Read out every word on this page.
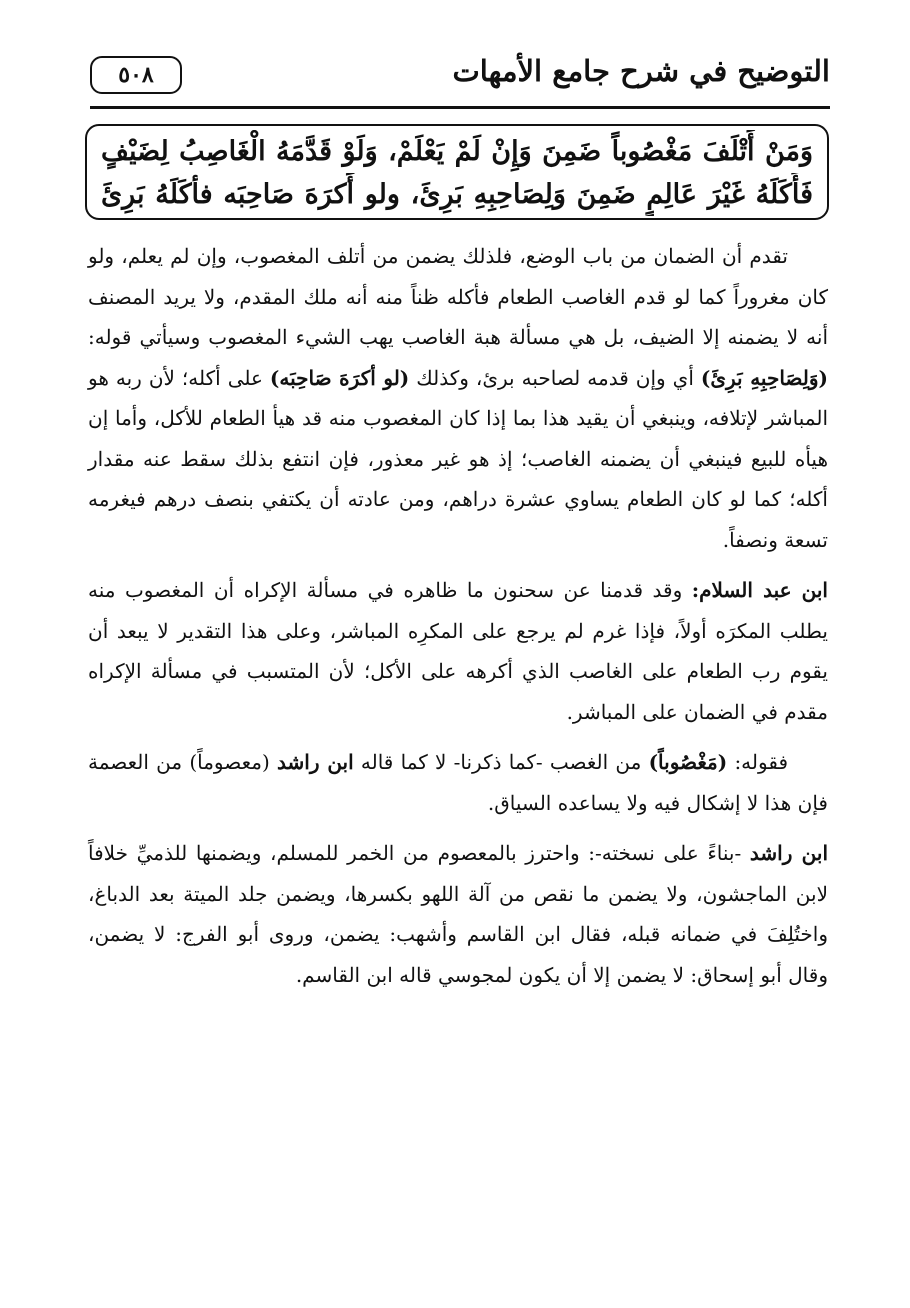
٥٠٨	التوضيح في شرح جامع الأمهات
وَمَنْ أَتْلَفَ مَغْصُوباً ضَمِنَ وَإِنْ لَمْ يَعْلَمْ، وَلَوْ قَدَّمَهُ الْغَاصِبُ لِضَيْفٍ
فَأَكَلَهُ غَيْرَ عَالِمٍ ضَمِنَ وَلِصَاحِبِهِ بَرِئَ، ولو أَكرَهَ صَاحِبَه فأكَلَهُ بَرِئَ

تقدم أن الضمان من باب الوضع، فلذلك يضمن من أتلف المغصوب، وإن لم يعلم، ولو كان مغروراً كما لو قدم الغاصب الطعام فأكله ظناً منه أنه ملك المقدم، ولا يريد المصنف أنه لا يضمنه إلا الضيف، بل هي مسألة هبة الغاصب يهب الشيء المغصوب وسيأتي قوله: (وَلِصَاحِبِهِ بَرِئَ) أي وإن قدمه لصاحبه برئ، وكذلك (لو أكرَهَ صَاحِبَه) على أكله؛ لأن ربه هو المباشر لإتلافه، وينبغي أن يقيد هذا بما إذا كان المغصوب منه قد هيأ الطعام للأكل، وأما إن هيأه للبيع فينبغي أن يضمنه الغاصب؛ إذ هو غير معذور، فإن انتفع بذلك سقط عنه مقدار أكله؛ كما لو كان الطعام يساوي عشرة دراهم، ومن عادته أن يكتفي بنصف درهم فيغرمه تسعة ونصفاً.

ابن عبد السلام: وقد قدمنا عن سحنون ما ظاهره في مسألة الإكراه أن المغصوب منه يطلب المكرَه أولاً، فإذا غرم لم يرجع على المكرِه المباشر، وعلى هذا التقدير لا يبعد أن يقوم رب الطعام على الغاصب الذي أكرهه على الأكل؛ لأن المتسبب في مسألة الإكراه مقدم في الضمان على المباشر.

فقوله: (مَغْصُوباً) من الغصب -كما ذكرنا- لا كما قاله ابن راشد (معصوماً) من العصمة فإن هذا لا إشكال فيه ولا يساعده السياق.

ابن راشد -بناءً على نسخته-: واحترز بالمعصوم من الخمر للمسلم، ويضمنها للذميِّ خلافاً لابن الماجشون، ولا يضمن ما نقص من آلة اللهو بكسرها، ويضمن جلد الميتة بعد الدباغ، واختُلِفَ في ضمانه قبله، فقال ابن القاسم وأشهب: يضمن، وروى أبو الفرج: لا يضمن، وقال أبو إسحاق: لا يضمن إلا أن يكون لمجوسي قاله ابن القاسم.
